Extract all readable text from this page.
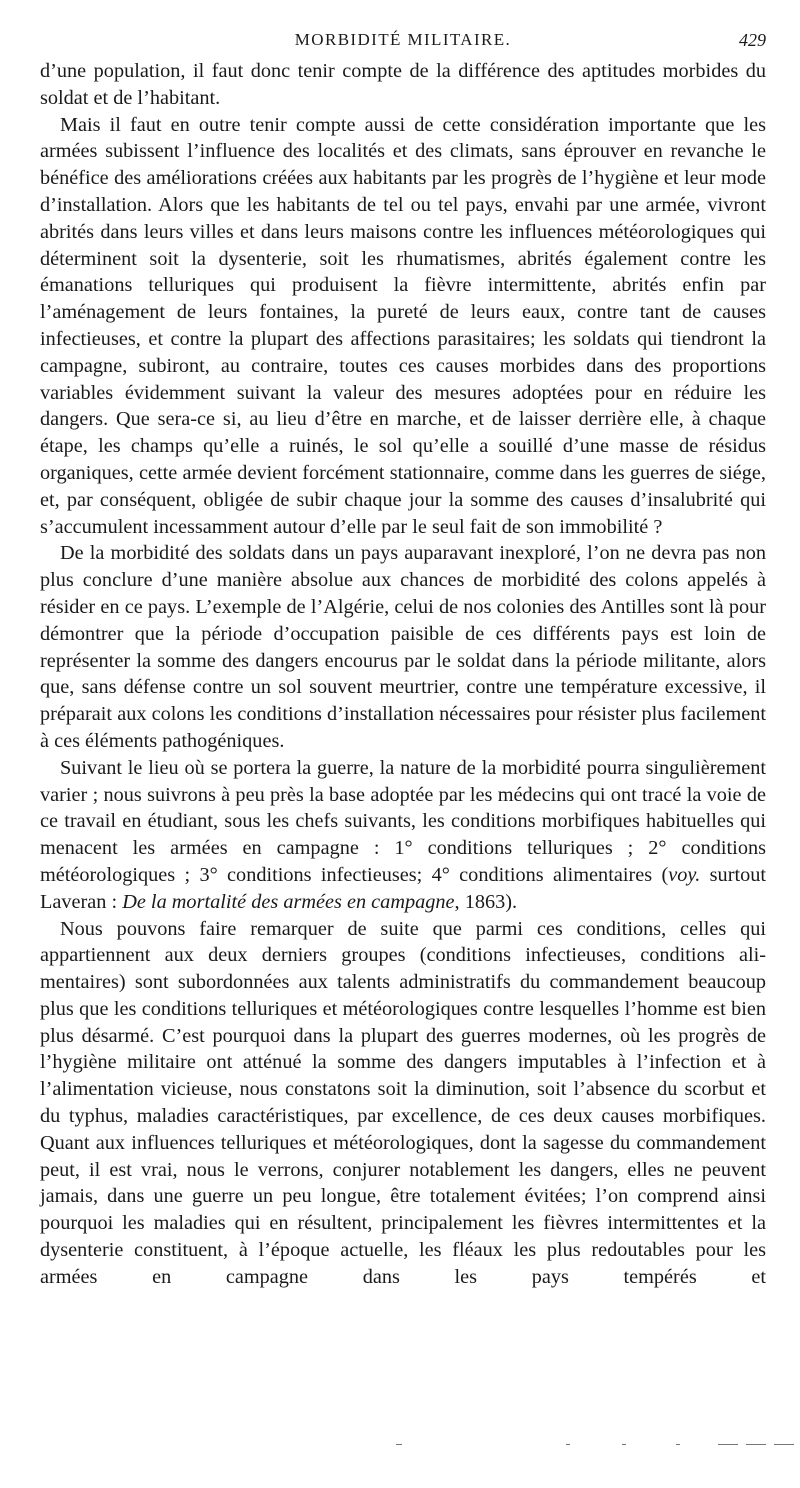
MORBIDITÉ MILITAIRE.	429

d’une population, il faut donc tenir compte de la différence des aptitudes morbides du soldat et de l’habitant.

Mais il faut en outre tenir compte aussi de cette considération importante que les armées subissent l’influence des localités et des climats, sans éprouver en revanche le bénéfice des améliorations créées aux habitants par les progrès de l’hygiène et leur mode d’installation. Alors que les habitants de tel ou tel pays, envahi par une armée, vivront abrités dans leurs villes et dans leurs maisons contre les influences météorologiques qui déterminent soit la dysenterie, soit les rhumatismes, abrités également contre les émanations telluriques qui produisent la fièvre intermittente, abrités enfin par l’aménagement de leurs fontaines, la pureté de leurs eaux, contre tant de causes infectieuses, et contre la plupart des affections parasitaires; les soldats qui tiendront la campagne, subiront, au contraire, toutes ces causes morbides dans des proportions variables évidemment suivant la valeur des mesures adoptées pour en réduire les dangers. Que sera-ce si, au lieu d’être en marche, et de laisser derrière elle, à chaque étape, les champs qu’elle a ruinés, le sol qu’elle a souillé d’une masse de résidus organiques, cette armée devient forcément stationnaire, comme dans les guerres de siége, et, par conséquent, obligée de subir chaque jour la somme des causes d’insalubrité qui s’accumulent incessamment autour d’elle par le seul fait de son immobilité ?

De la morbidité des soldats dans un pays auparavant inexploré, l’on ne devra pas non plus conclure d’une manière absolue aux chances de morbidité des colons appelés à résider en ce pays. L’exemple de l’Algérie, celui de nos colonies des Antilles sont là pour démontrer que la période d’occupation paisible de ces différents pays est loin de représenter la somme des dangers encourus par le soldat dans la période militante, alors que, sans défense contre un sol souvent meurtrier, contre une température excessive, il préparait aux colons les conditions d’installation nécessaires pour résister plus facilement à ces éléments pathogéniques.

Suivant le lieu où se portera la guerre, la nature de la morbidité pourra singulièrement varier ; nous suivrons à peu près la base adoptée par les médecins qui ont tracé la voie de ce travail en étudiant, sous les chefs suivants, les conditions morbifiques habituelles qui menacent les armées en campagne : 1° conditions telluriques ; 2° conditions météorologiques ; 3° conditions infectieuses; 4° conditions alimentaires (voy. surtout Laveran : De la mortalité des armées en campagne, 1863).

Nous pouvons faire remarquer de suite que parmi ces conditions, celles qui appartiennent aux deux derniers groupes (conditions infectieuses, conditions alimentaires) sont subordonnées aux talents administratifs du commandement beaucoup plus que les conditions telluriques et météorologiques contre lesquelles l’homme est bien plus désarmé. C’est pourquoi dans la plupart des guerres modernes, où les progrès de l’hygiène militaire ont atténué la somme des dangers imputables à l’infection et à l’alimentation vicieuse, nous constatons soit la diminution, soit l’absence du scorbut et du typhus, maladies caractéristiques, par excellence, de ces deux causes morbifiques. Quant aux influences telluriques et météorologiques, dont la sagesse du commandement peut, il est vrai, nous le verrons, conjurer notablement les dangers, elles ne peuvent jamais, dans une guerre un peu longue, être totalement évitées; l’on comprend ainsi pourquoi les maladies qui en résultent, principalement les fièvres intermittentes et la dysenterie constituent, à l’époque actuelle, les fléaux les plus redoutables pour les armées en campagne dans les pays tempérés et
